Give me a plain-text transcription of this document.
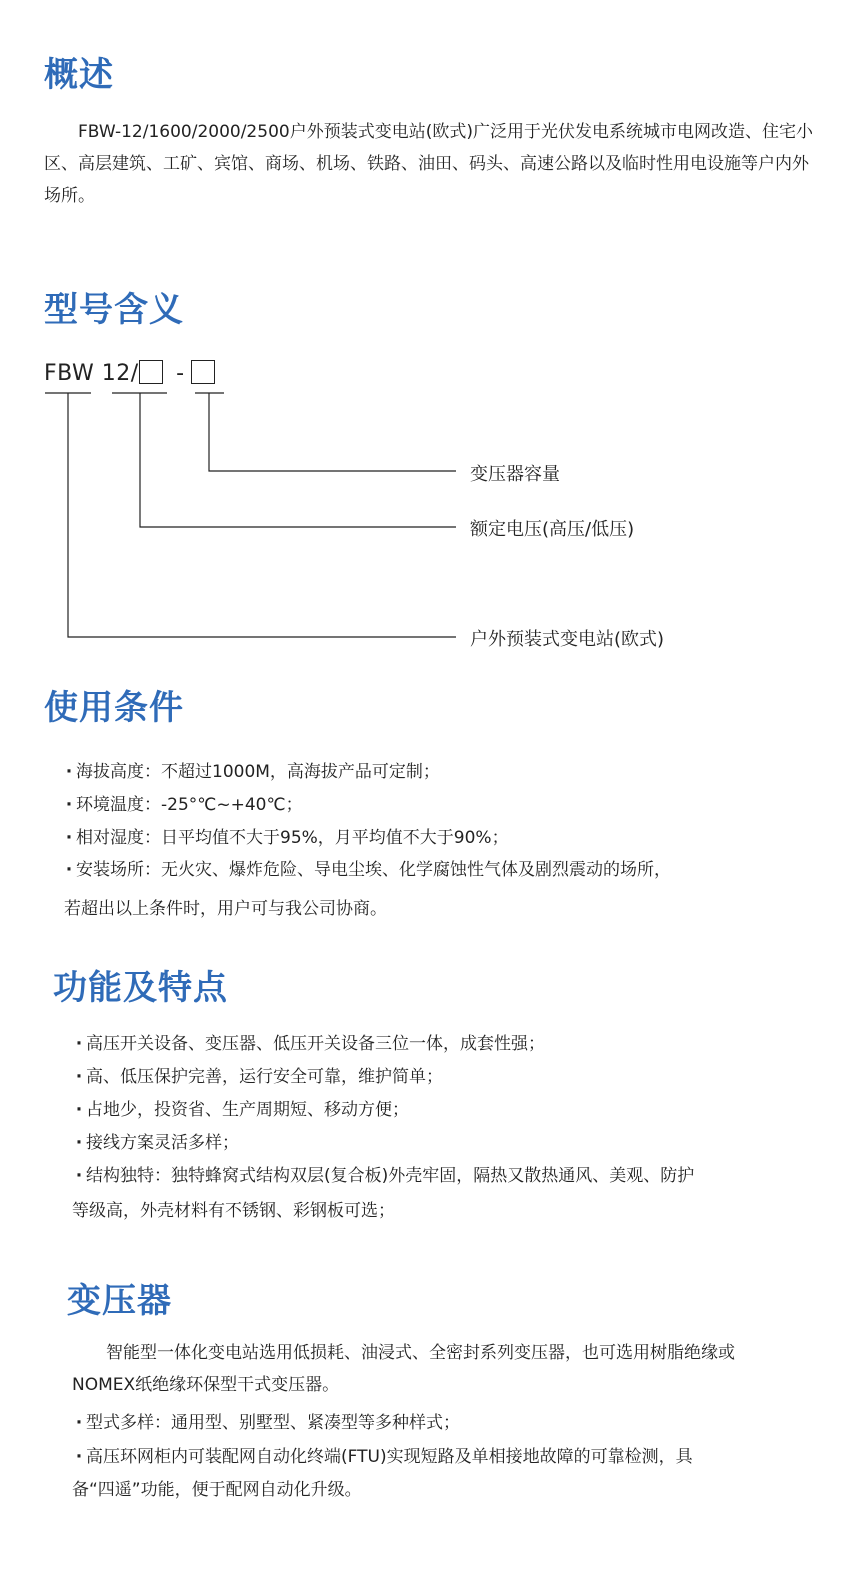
概述

FBW-12/1600/2000/2500户外预装式变电站(欧式)广泛用于光伏发电系统城市电网改造、住宅小区、高层建筑、工矿、宾馆、商场、机场、铁路、油田、码头、高速公路以及临时性用电设施等户内外场所。

型号含义
FBW 12/ -
变压器容量
额定电压(高压/低压)
户外预装式变电站(欧式)
使用条件
· 海拔高度：不超过1000M，高海拔产品可定制；
· 环境温度：-25°℃~+40℃；
· 相对湿度：日平均值不大于95%，月平均值不大于90%；
· 安装场所：无火灾、爆炸危险、导电尘埃、化学腐蚀性气体及剧烈震动的场所，
若超出以上条件时，用户可与我公司协商。
功能及特点
· 高压开关设备、变压器、低压开关设备三位一体，成套性强；
· 高、低压保护完善，运行安全可靠，维护简单；
· 占地少，投资省、生产周期短、移动方便；
· 接线方案灵活多样；
· 结构独特：独特蜂窝式结构双层(复合板)外壳牢固，隔热又散热通风、美观、防护
等级高，外壳材料有不锈钢、彩钢板可选；
变压器

智能型一体化变电站选用低损耗、油浸式、全密封系列变压器，也可选用树脂绝缘或NOMEX纸绝缘环保型干式变压器。

· 型式多样：通用型、别墅型、紧凑型等多种样式；
· 高压环网柜内可装配网自动化终端(FTU)实现短路及单相接地故障的可靠检测，具
备“四遥”功能，便于配网自动化升级。
